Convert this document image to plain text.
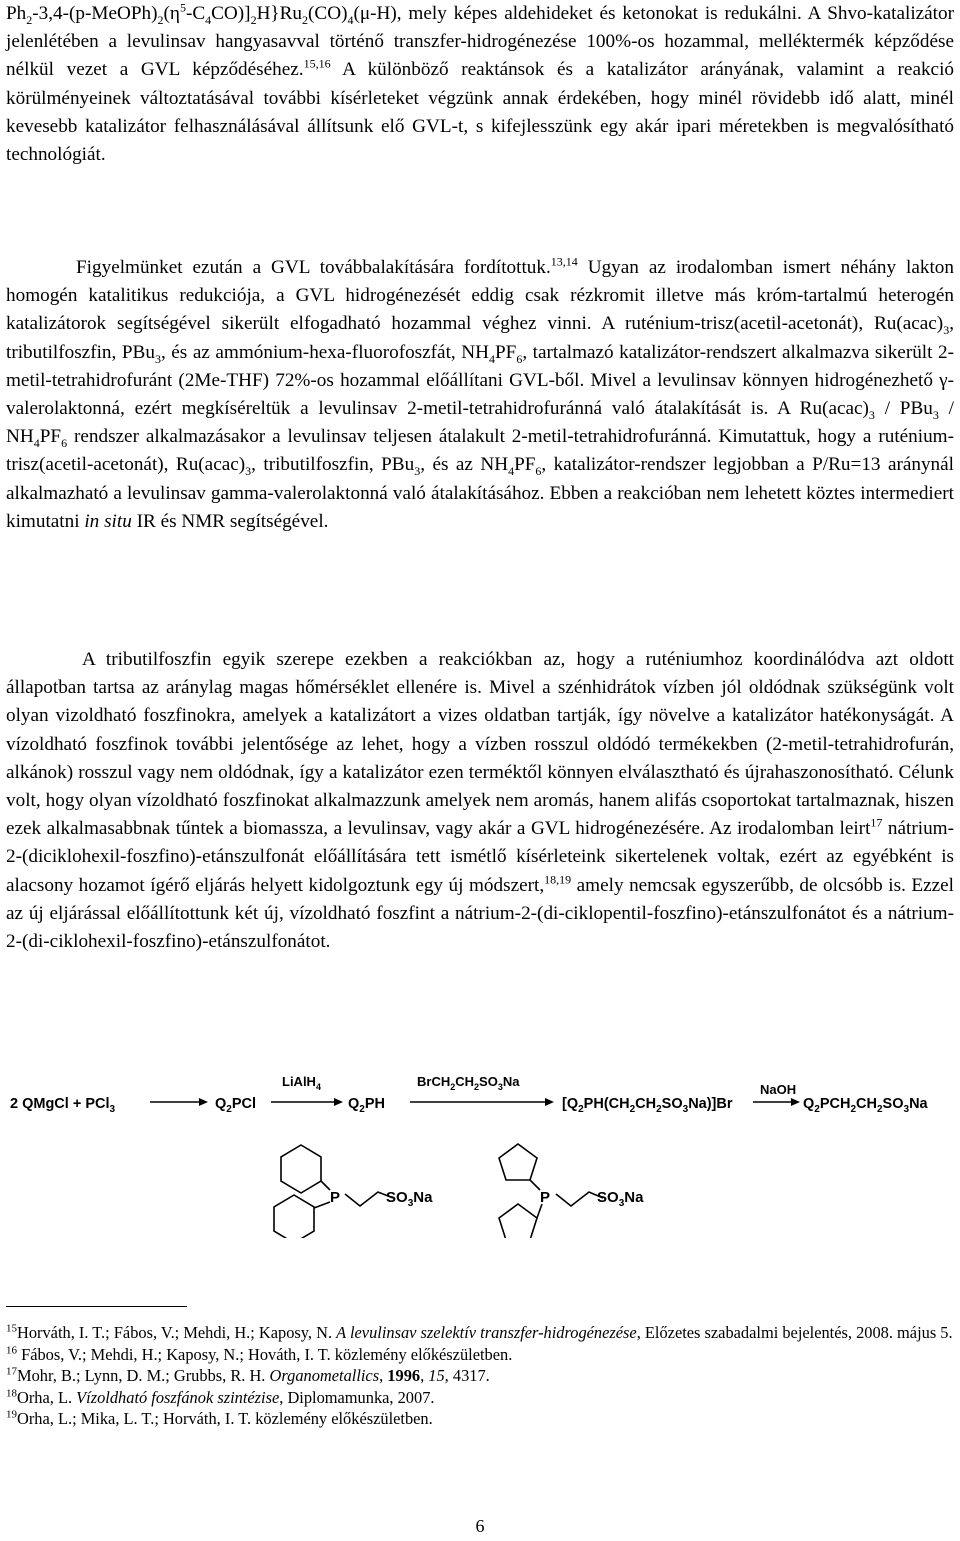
$Ph_2-3,4-(p-MeOPh)_2(\eta^5-C_4CO)]_2H\}Ru_2(CO)_4(\mu-H)$, mely képes aldehideket és ketonokat is redukálni. A Shvo-katalizátor jelenlétében a levulinsav hangyasavval történő transzfer-hidrogénezése 100%-os hozammal, melléktermék képződése nélkül vezet a GVL képződéséhez.$^{15,16}$ A különböző reaktánsok és a katalizátor arányának, valamint a reakció körülményeinek változtatásával további kísérleteket végzünk annak érdekében, hogy minél rövidebb idő alatt, minél kevesebb katalizátor felhasználásával állítsunk elő GVL-t, s kifejlesszünk egy akár ipari méretekben is megvalósítható technológiát.

Figyelmünket ezután a GVL továbbalakítására fordítottuk.$^{13,14}$ Ugyan az irodalomban ismert néhány lakton homogén katalitikus redukciója, a GVL hidrogénezését eddig csak rézkromit illetve más króm-tartalmú heterogén katalizátorok segítségével sikerült elfogadható hozammal véghez vinni. A ruténium-trisz(acetil-acetonát), $Ru(acac)_3$, tributilfoszfin, PBu$_3$, és az ammónium-hexa-fluorofoszfát, $NH_4PF_6$, tartalmazó katalizátor-rendszert alkalmazva sikerült 2-metil-tetrahidrofuránt (2Me-THF) 72%-os hozammal előállítani GVL-ből. Mivel a levulinsav könnyen hidrogénezhető γ-valerolaktonná, ezért megkíséreltük a levulinsav 2-metil-tetrahidrofuránná való átalakítását is. A $Ru(acac)_3 / PBu_3 / NH_4PF_6$ rendszer alkalmazásakor a levulinsav teljesen átalakult 2-metil-tetrahidrofuránná. Kimutattuk, hogy a ruténium-trisz(acetil-acetonát), $Ru(acac)_3$, tributilfoszfin, PBu$_3$, és az $NH_4PF_6$, katalizátor-rendszer legjobban a P/Ru=13 aránynál alkalmazható a levulinsav gamma-valerolaktonná való átalakításához. Ebben a reakcióban nem lehetett köztes intermediert kimutatni in situ IR és NMR segítségével.

A tributilfoszfin egyik szerepe ezekben a reakciókban az, hogy a ruténiumhoz koordinálódva azt oldott állapotban tartsa az aránylag magas hőmérséklet ellenére is. Mivel a szénhidrátok vízben jól oldódnak szükségünk volt olyan vizoldható foszfinokra, amelyek a katalizátort a vizes oldatban tartják, így növelve a katalizátor hatékonyságát. A vízoldható foszfinok további jelentősége az lehet, hogy a vízben rosszul oldódó termékekben (2-metil-tetrahidrofurán, alkánok) rosszul vagy nem oldódnak, így a katalizátor ezen terméktől könnyen elválasztható és újrahaszonosítható. Célunk volt, hogy olyan vízoldható foszfinokat alkalmazzunk amelyek nem aromás, hanem alifás csoportokat tartalmaznak, hiszen ezek alkalmasabbnak tűntek a biomassza, a levulinsav, vagy akár a GVL hidrogénezésére. Az irodalomban leirt$^{17}$ nátrium-2-(diciklohexil-foszfino)-etánszulfonát előállítására tett ismétlő kísérleteink sikertelenek voltak, ezért az egyébként is alacsony hozamot ígérő eljárás helyett kidolgoztunk egy új módszert,$^{18,19}$ amely nemcsak egyszerűbb, de olcsóbb is. Ezzel az új eljárással előállítottunk két új, vízoldható foszfint a nátrium-2-(di-ciklopentil-foszfino)-etánszulfonátot és a nátrium-2-(di-ciklohexil-foszfino)-etánszulfonátot.

2 QMgCl + PCl$_3$	$Q_2PCl$
LiAlH$_4$
$Q_2PH$
$BrCH_2CH_2SO_3Na$
$[Q_2PH(CH_2CH_2SO_3Na)]Br$
NaOH
$Q_2PCH_2CH_2SO_3Na$
P	$SO_3Na$	P	$SO_3Na$

$^{15}$Horváth, I. T.; Fábos, V.; Mehdi, H.; Kaposy, N. A levulinsav szelektív transzfer-hidrogénezése, Előzetes szabadalmi bejelentés, 2008. május 5.

$^{16}$ Fábos, V.; Mehdi, H.; Kaposy, N.; Hováth, I. T. közlemény előkészületben.

$^{17}$Mohr, B.; Lynn, D. M.; Grubbs, R. H. Organometallics, 1996, 15, 4317.

$^{18}$Orha, L. Vízoldható foszfánok szintézise, Diplomamunka, 2007.

$^{19}$Orha, L.; Mika, L. T.; Horváth, I. T. közlemény előkészületben.

6
